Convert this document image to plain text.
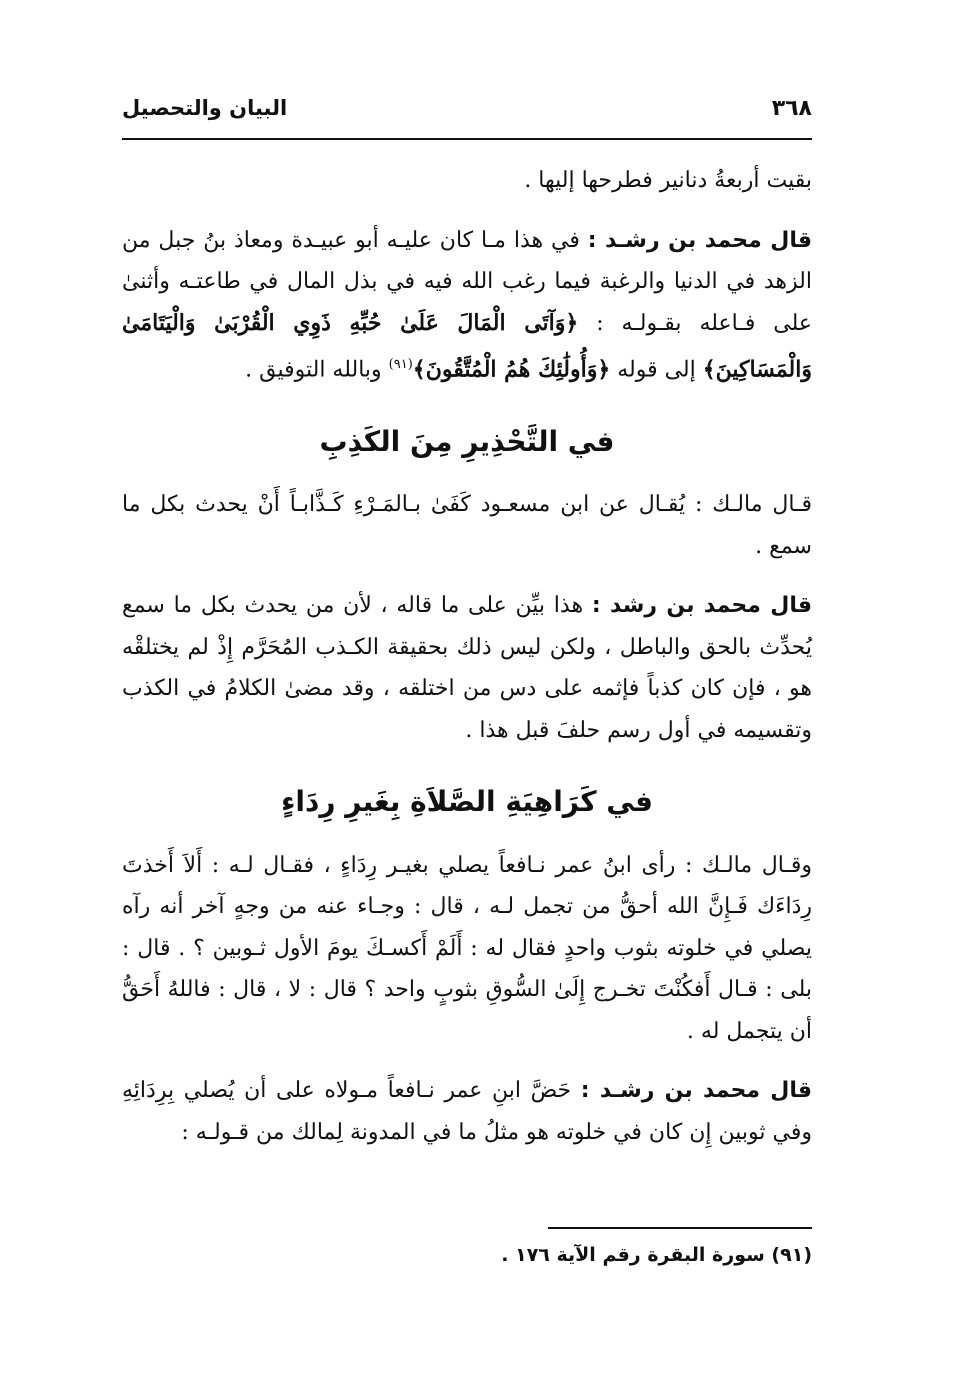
٣٦٨
البيان والتحصيل

بقيت أربعةُ دنانير فطرحها إليها .

قال محمد بن رشـد : في هذا مـا كان عليـه أبو عبيـدة ومعاذ بنُ جبل من الزهد في الدنيا والرغبة فيما رغب الله فيه في بذل المال في طاعتـه وأثنىٰ على فـاعله بقـولـه : ﴿وَآتَى الْمَالَ عَلَىٰ حُبِّهِ ذَوِي الْقُرْبَىٰ وَالْيَتَامَىٰ وَالْمَسَاكِينَ﴾ إلى قوله ﴿وَأُولَٰئِكَ هُمُ الْمُتَّقُونَ﴾$^{(٩١)}$ وبالله التوفيق .

في التَّحْذِيرِ مِنَ الكَذِبِ

قـال مالـك : يُقـال عن ابن مسعـود كَفَىٰ بـالمَـرْءِ كَـذَّابـاً أَنْ يحدث بكل ما سمع .

قال محمد بن رشد : هذا بيِّن على ما قاله ، لأن من يحدث بكل ما سمع يُحدِّث بالحق والباطل ، ولكن ليس ذلك بحقيقة الكـذب المُحَرَّم إِذْ لم يختلقْه هو ، فإن كان كذباً فإثمه على دس من اختلقه ، وقد مضىٰ الكلامُ في الكذب وتقسيمه في أول رسم حلفَ قبل هذا .

في كَرَاهِيَةِ الصَّلاَةِ بِغَيرِ رِدَاءٍ

وقـال مالـك : رأى ابنُ عمر نـافعاً يصلي بغيـر رِدَاءٍ ، فقـال لـه : أَلاَ أَخذتَ رِدَاءَك فَـإِنَّ الله أحقُّ من تجمل لـه ، قال : وجـاء عنه من وجهٍ آخر أنه رآه يصلي في خلوته بثوب واحدٍ فقال له : أَلَمْ أَكسـكَ يومَ الأول ثـوبين ؟ . قال : بلى : قـال أَفكُنْتَ تخـرج إِلَىٰ السُّوقِ بثوبٍ واحد ؟ قال : لا ، قال : فاللهُ أَحَقُّ أن يتجمل له .

قال محمد بن رشـد : حَضَّ ابنِ عمر نـافعاً مـولاه على أن يُصلي بِرِدَائِهِ وفي ثوبين إِن كان في خلوته هو مثلُ ما في المدونة لِمالك من قـولـه :

(٩١) سورة البقرة رقم الآية ١٧٦ .
